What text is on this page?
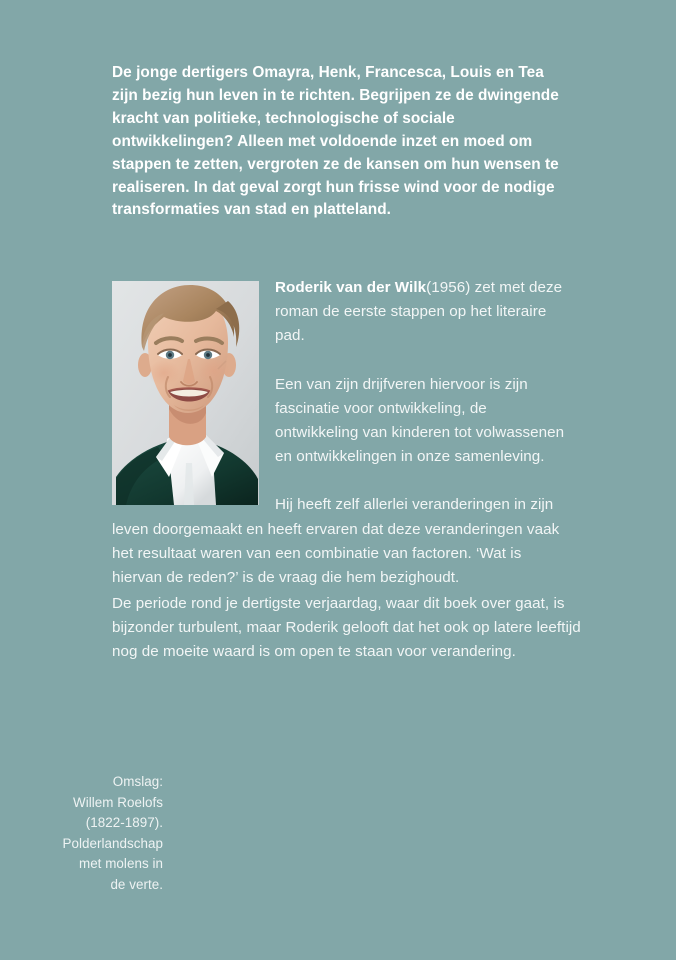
De jonge dertigers Omayra, Henk, Francesca, Louis en Tea zijn bezig hun leven in te richten. Begrijpen ze de dwingende kracht van politieke, technologische of sociale ontwikkelingen? Alleen met voldoende inzet en moed om stappen te zetten, vergroten ze de kansen om hun wensen te realiseren. In dat geval zorgt hun frisse wind voor de nodige transformaties van stad en platteland.

Roderik van der Wilk(1956) zet met deze roman de eerste stappen op het literaire pad.

Een van zijn drijfveren hiervoor is zijn fascinatie voor ontwikkeling, de ontwikkeling van kinderen tot volwassenen en ontwikkelingen in onze samenleving.

Hij heeft zelf allerlei veranderingen in zijn leven doorgemaakt en heeft ervaren dat deze veranderingen vaak het resultaat waren van een combinatie van factoren. ‘Wat is hiervan de reden?’ is de vraag die hem bezighoudt.

De periode rond je dertigste verjaardag, waar dit boek over gaat, is bijzonder turbulent, maar Roderik gelooft dat het ook op latere leeftijd nog de moeite waard is om open te staan voor verandering.
Omslag:
Willem Roelofs
(1822-1897).
Polderlandschap
met molens in
de verte.
